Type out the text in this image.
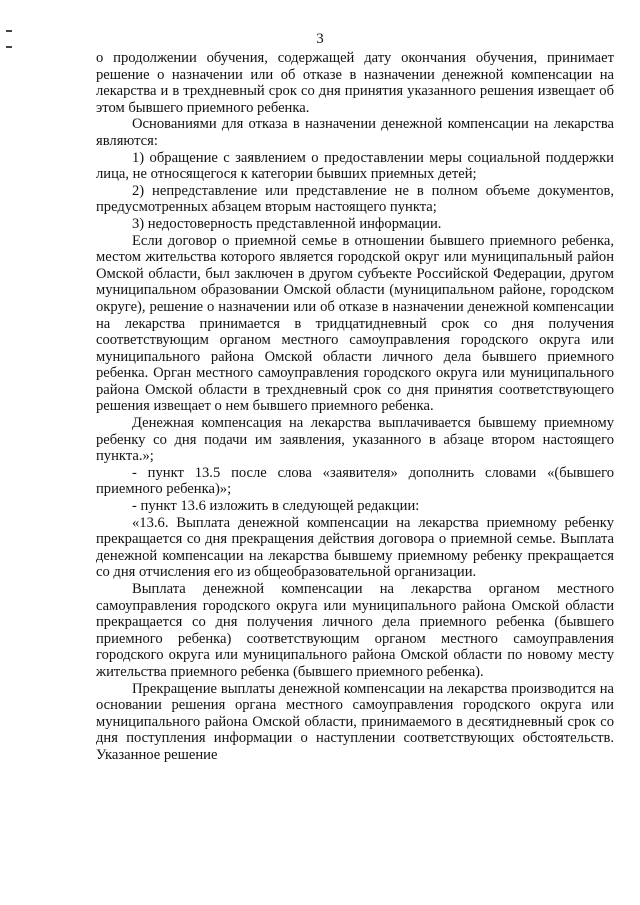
3

о продолжении обучения, содержащей дату окончания обучения, принимает решение о назначении или об отказе в назначении денежной компенсации на лекарства и в трехдневный срок со дня принятия указанного решения извещает об этом бывшего приемного ребенка.

Основаниями для отказа в назначении денежной компенсации на лекарства являются:

1) обращение с заявлением о предоставлении меры социальной поддержки лица, не относящегося к категории бывших приемных детей;

2) непредставление или представление не в полном объеме документов, предусмотренных абзацем вторым настоящего пункта;

3) недостоверность представленной информации.

Если договор о приемной семье в отношении бывшего приемного ребенка, местом жительства которого является городской округ или муниципальный район Омской области, был заключен в другом субъекте Российской Федерации, другом муниципальном образовании Омской области (муниципальном районе, городском округе), решение о назначении или об отказе в назначении денежной компенсации на лекарства принимается в тридцатидневный срок со дня получения соответствующим органом местного самоуправления городского округа или муниципального района Омской области личного дела бывшего приемного ребенка. Орган местного самоуправления городского округа или муниципального района Омской области в трехдневный срок со дня принятия соответствующего решения извещает о нем бывшего приемного ребенка.

Денежная компенсация на лекарства выплачивается бывшему приемному ребенку со дня подачи им заявления, указанного в абзаце втором настоящего пункта.»;

- пункт 13.5 после слова «заявителя» дополнить словами «(бывшего приемного ребенка)»;

- пункт 13.6 изложить в следующей редакции:

«13.6. Выплата денежной компенсации на лекарства приемному ребенку прекращается со дня прекращения действия договора о приемной семье. Выплата денежной компенсации на лекарства бывшему приемному ребенку прекращается со дня отчисления его из общеобразовательной организации.

Выплата денежной компенсации на лекарства органом местного самоуправления городского округа или муниципального района Омской области прекращается со дня получения личного дела приемного ребенка (бывшего приемного ребенка) соответствующим органом местного самоуправления городского округа или муниципального района Омской области по новому месту жительства приемного ребенка (бывшего приемного ребенка).

Прекращение выплаты денежной компенсации на лекарства производится на основании решения органа местного самоуправления городского округа или муниципального района Омской области, принимаемого в десятидневный срок со дня поступления информации о наступлении соответствующих обстоятельств. Указанное решение
